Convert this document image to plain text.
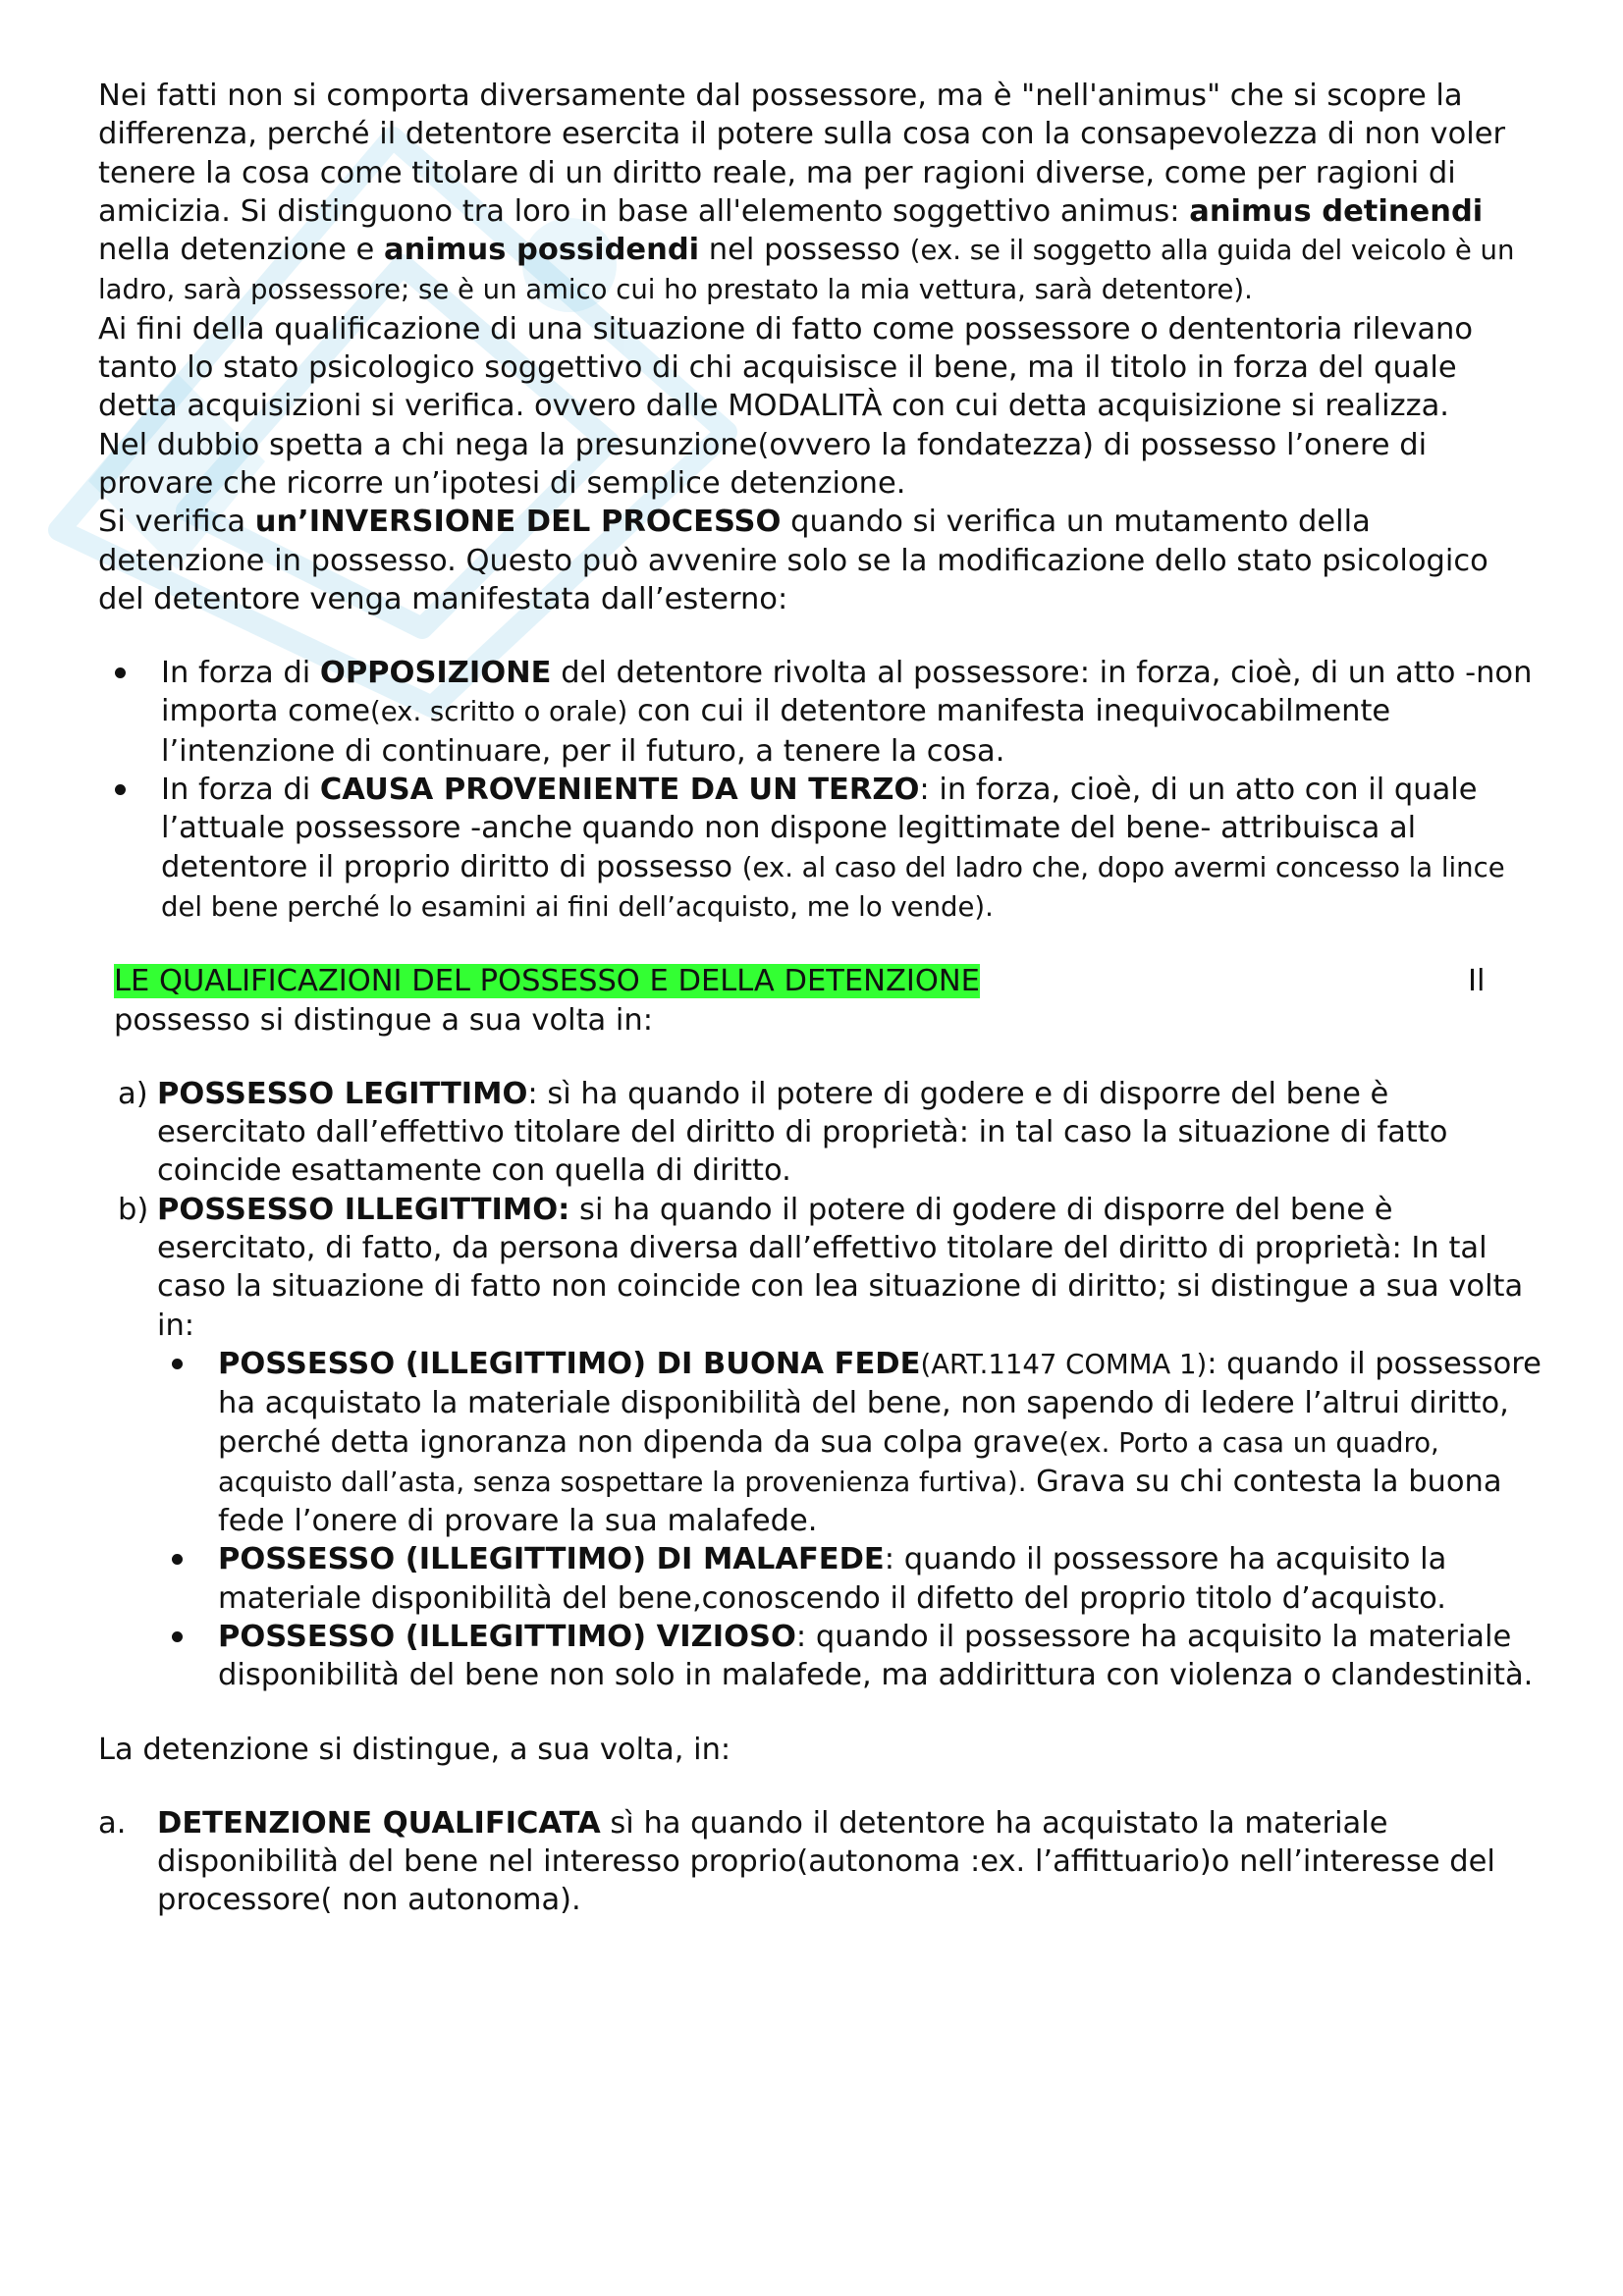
Nei fatti non si comporta diversamente dal possessore, ma è "nell'animus" che si scopre la differenza, perché il detentore esercita il potere sulla cosa con la consapevolezza di non voler tenere la cosa come titolare di un diritto reale, ma per ragioni diverse, come per ragioni di amicizia. Si distinguono tra loro in base all'elemento soggettivo animus: animus detinendi nella detenzione e animus possidendi nel possesso (ex. se il soggetto alla guida del veicolo è un ladro, sarà possessore; se è un amico cui ho prestato la mia vettura, sarà detentore).

Ai fini della qualificazione di una situazione di fatto come possessore o dententoria rilevano tanto lo stato psicologico soggettivo di chi acquisisce il bene, ma il titolo in forza del quale detta acquisizioni si verifica. ovvero dalle MODALITÀ con cui detta acquisizione si realizza.

Nel dubbio spetta a chi nega la presunzione(ovvero la fondatezza) di possesso l’onere di provare che ricorre un’ipotesi di semplice detenzione.

Si verifica un’INVERSIONE DEL PROCESSO quando si verifica un mutamento della detenzione in possesso. Questo può avvenire solo se la modificazione dello stato psicologico del detentore venga manifestata dall’esterno:

In forza di OPPOSIZIONE del detentore rivolta al possessore: in forza, cioè, di un atto -non importa come(ex. scritto o orale) con cui il detentore manifesta inequivocabilmente l’intenzione di continuare, per il futuro, a tenere la cosa.
In forza di CAUSA PROVENIENTE DA UN TERZO: in forza, cioè, di un atto con il quale l’attuale possessore -anche quando non dispone legittimate del bene- attribuisca al detentore il proprio diritto di possesso (ex. al caso del ladro che, dopo avermi concesso la lince del bene perché lo esamini ai fini dell’acquisto, me lo vende).
LE QUALIFICAZIONI DEL POSSESSO E DELLA DETENZIONE	Il

possesso si distingue a sua volta in:

a) POSSESSO LEGITTIMO: sì ha quando il potere di godere e di disporre del bene è esercitato dall’effettivo titolare del diritto di proprietà: in tal caso la situazione di fatto coincide esattamente con quella di diritto.
b) POSSESSO ILLEGITTIMO: si ha quando il potere di godere di disporre del bene è esercitato, di fatto, da persona diversa dall’effettivo titolare del diritto di proprietà: In tal caso la situazione di fatto non coincide con lea situazione di diritto; si distingue a sua volta in:
POSSESSO (ILLEGITTIMO) DI BUONA FEDE(ART.1147 COMMA 1): quando il possessore ha acquistato la materiale disponibilità del bene, non sapendo di ledere l’altrui diritto, perché detta ignoranza non dipenda da sua colpa grave(ex. Porto a casa un quadro, acquisto dall’asta, senza sospettare la provenienza furtiva). Grava su chi contesta la buona fede l’onere di provare la sua malafede.
POSSESSO (ILLEGITTIMO) DI MALAFEDE: quando il possessore ha acquisito la materiale disponibilità del bene,conoscendo il difetto del proprio titolo d’acquisto.
POSSESSO (ILLEGITTIMO) VIZIOSO: quando il possessore ha acquisito la materiale disponibilità del bene non solo in malafede, ma addirittura con violenza o clandestinità.

La detenzione si distingue, a sua volta, in:

a. DETENZIONE QUALIFICATA sì ha quando il detentore ha acquistato la materiale disponibilità del bene nel interesso proprio(autonoma :ex. l’affittuario)o nell’interesse del processore( non autonoma).
